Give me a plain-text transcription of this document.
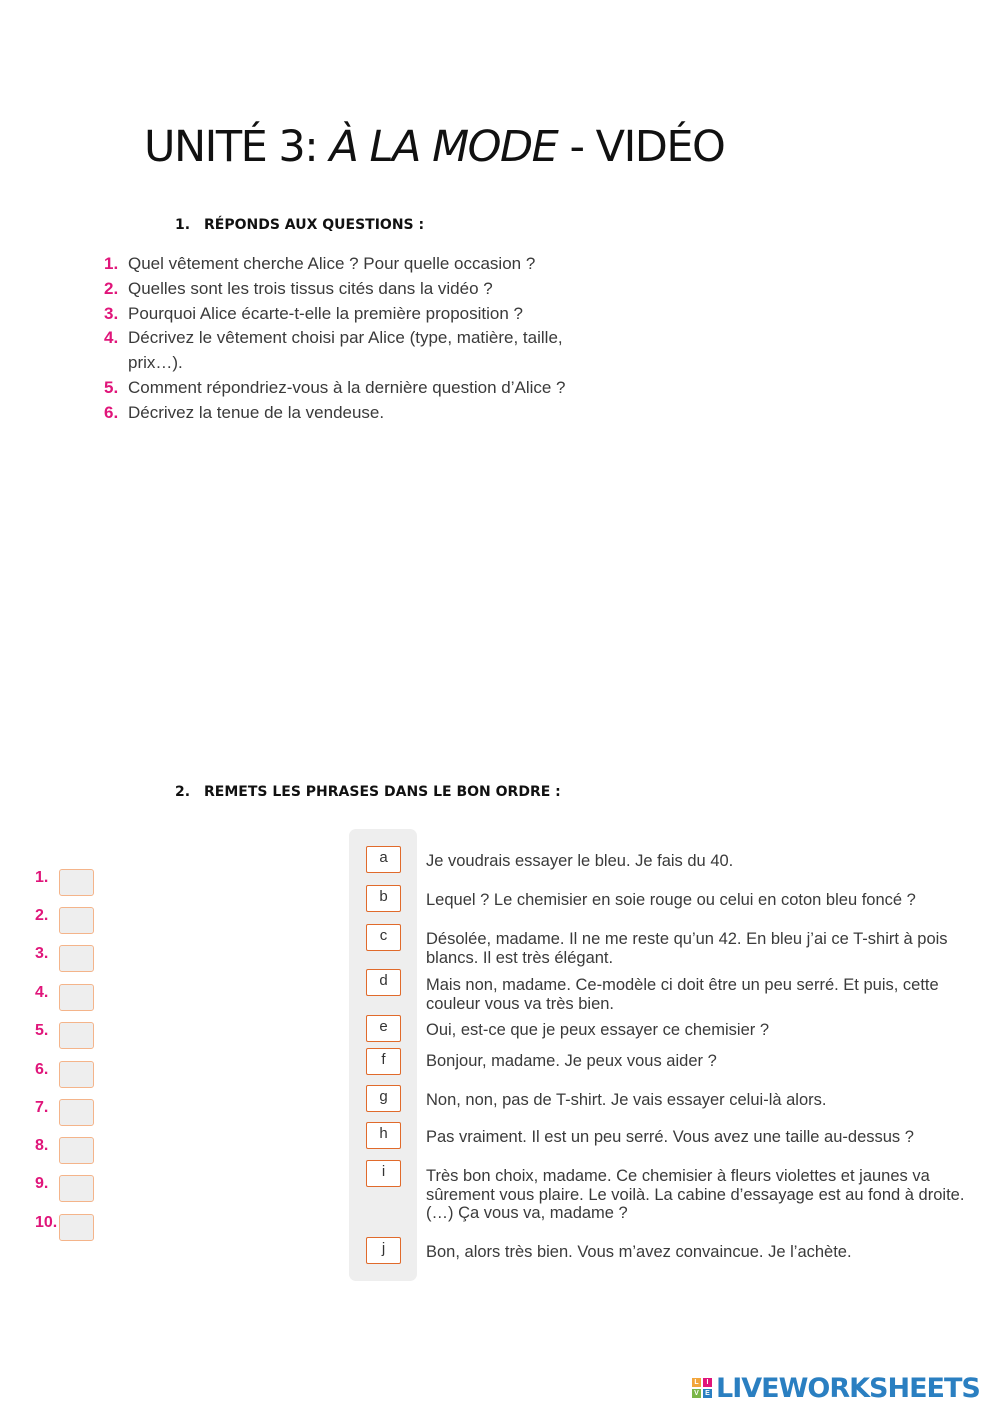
UNITÉ 3: À LA MODE - VIDÉO
1. RÉPONDS AUX QUESTIONS :
1. Quel vêtement cherche Alice ? Pour quelle occasion ?
2. Quelles sont les trois tissus cités dans la vidéo ?
3. Pourquoi Alice écarte-t-elle la première proposition ?
4. Décrivez le vêtement choisi par Alice (type, matière, taille, prix…).
5. Comment répondriez-vous à la dernière question d’Alice ?
6. Décrivez la tenue de la vendeuse.
2. REMETS LES PHRASES DANS LE BON ORDRE :
1.
2.
3.
4.
5.
6.
7.
8.
9.
10.
a	Je voudrais essayer le bleu. Je fais du 40.
b	Lequel ? Le chemisier en soie rouge ou celui en coton bleu foncé ?
c	Désolée, madame. Il ne me reste qu’un 42. En bleu j’ai ce T-shirt à pois blancs. Il est très élégant.
d	Mais non, madame. Ce-modèle ci doit être un peu serré. Et puis, cette couleur vous va très bien.
e	Oui, est-ce que je peux essayer ce chemisier ?
f	Bonjour, madame. Je peux vous aider ?
g	Non, non, pas de T-shirt. Je vais essayer celui-là alors.
h	Pas vraiment. Il est un peu serré. Vous avez une taille au-dessus ?
i	Très bon choix, madame. Ce chemisier à fleurs violettes et jaunes va sûrement vous plaire. Le voilà. La cabine d’essayage est au fond à droite. (…) Ça vous va, madame ?
j	Bon, alors très bien. Vous m’avez convaincue. Je l’achète.
L	I
V E LIVEWORKSHEETS
